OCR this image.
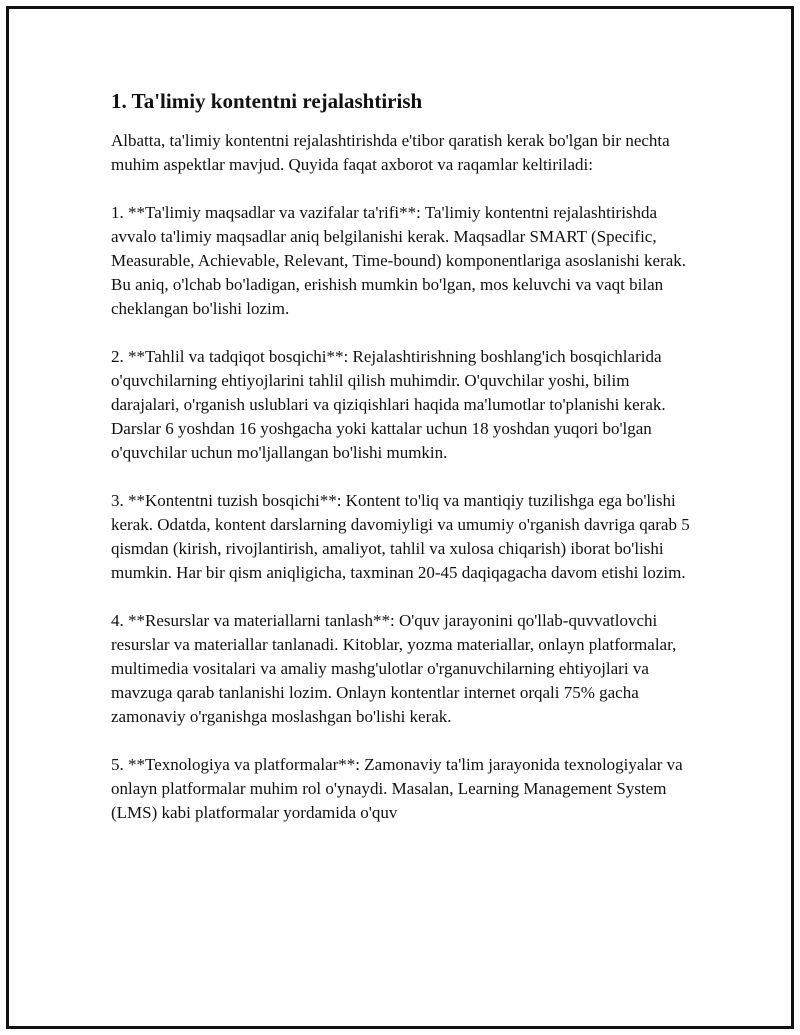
1. Ta'limiy kontentni rejalashtirish

Albatta, ta'limiy kontentni rejalashtirishda e'tibor qaratish kerak bo'lgan bir nechta muhim aspektlar mavjud. Quyida faqat axborot va raqamlar keltiriladi:

1. **Ta'limiy maqsadlar va vazifalar ta'rifi**: Ta'limiy kontentni rejalashtirishda avvalo ta'limiy maqsadlar aniq belgilanishi kerak. Maqsadlar SMART (Specific, Measurable, Achievable, Relevant, Time-bound) komponentlariga asoslanishi kerak. Bu aniq, o'lchab bo'ladigan, erishish mumkin bo'lgan, mos keluvchi va vaqt bilan cheklangan bo'lishi lozim.

2. **Tahlil va tadqiqot bosqichi**: Rejalashtirishning boshlang'ich bosqichlarida o'quvchilarning ehtiyojlarini tahlil qilish muhimdir. O'quvchilar yoshi, bilim darajalari, o'rganish uslublari va qiziqishlari haqida ma'lumotlar to'planishi kerak. Darslar 6 yoshdan 16 yoshgacha yoki kattalar uchun 18 yoshdan yuqori bo'lgan o'quvchilar uchun mo'ljallangan bo'lishi mumkin.

3. **Kontentni tuzish bosqichi**: Kontent to'liq va mantiqiy tuzilishga ega bo'lishi kerak. Odatda, kontent darslarning davomiyligi va umumiy o'rganish davriga qarab 5 qismdan (kirish, rivojlantirish, amaliyot, tahlil va xulosa chiqarish) iborat bo'lishi mumkin. Har bir qism aniqligicha, taxminan 20-45 daqiqagacha davom etishi lozim.

4. **Resurslar va materiallarni tanlash**: O'quv jarayonini qo'llab-quvvatlovchi resurslar va materiallar tanlanadi. Kitoblar, yozma materiallar, onlayn platformalar, multimedia vositalari va amaliy mashg'ulotlar o'rganuvchilarning ehtiyojlari va mavzuga qarab tanlanishi lozim. Onlayn kontentlar internet orqali 75% gacha zamonaviy o'rganishga moslashgan bo'lishi kerak.

5. **Texnologiya va platformalar**: Zamonaviy ta'lim jarayonida texnologiyalar va onlayn platformalar muhim rol o'ynaydi. Masalan, Learning Management System (LMS) kabi platformalar yordamida o'quv
